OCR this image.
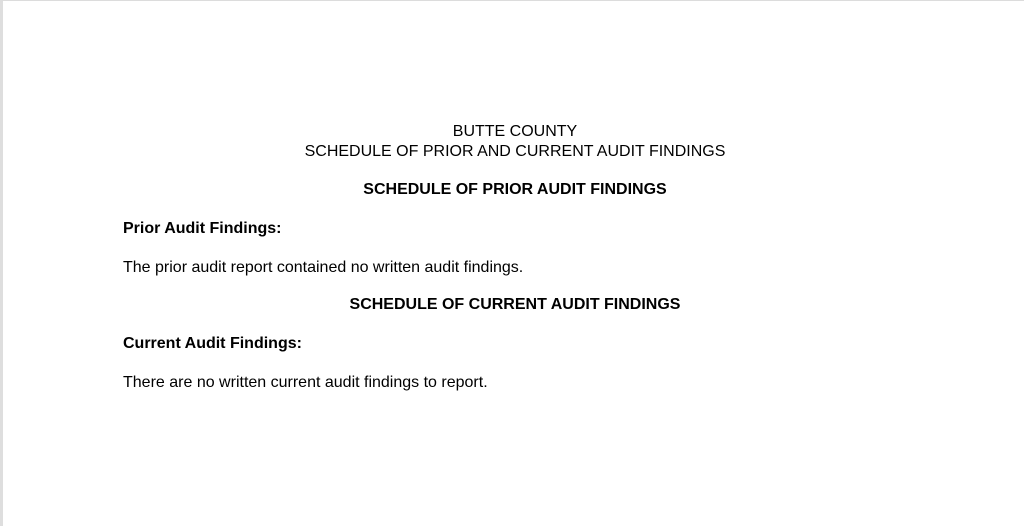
BUTTE COUNTY
SCHEDULE OF PRIOR AND CURRENT AUDIT FINDINGS
SCHEDULE OF PRIOR AUDIT FINDINGS
Prior Audit Findings:
The prior audit report contained no written audit findings.
SCHEDULE OF CURRENT AUDIT FINDINGS
Current Audit Findings:
There are no written current audit findings to report.
